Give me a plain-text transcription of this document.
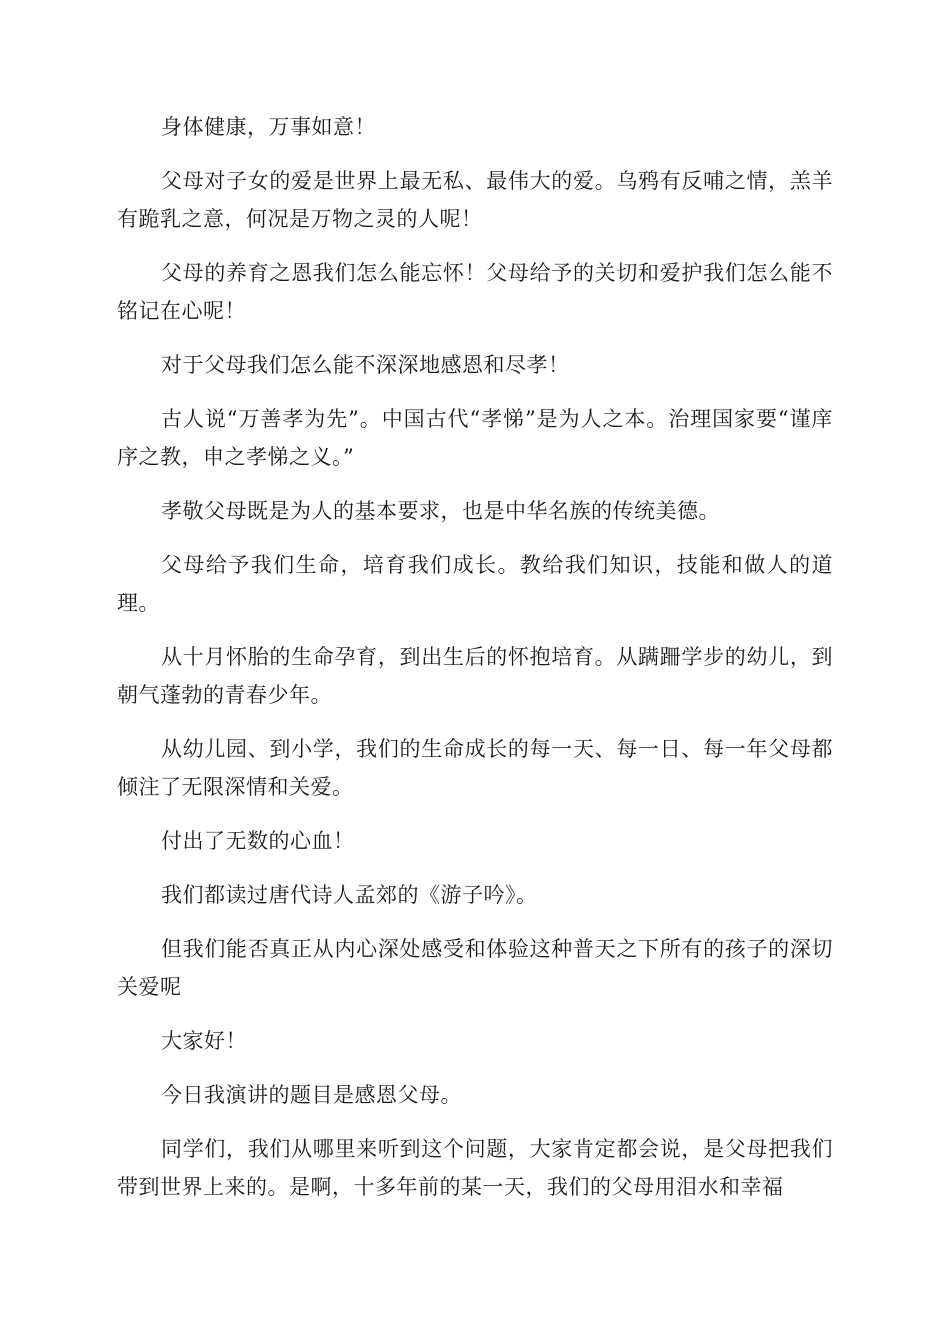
身体健康，万事如意！

父母对子女的爱是世界上最无私、最伟大的爱。乌鸦有反哺之情，羔羊有跪乳之意，何况是万物之灵的人呢！

父母的养育之恩我们怎么能忘怀！父母给予的关切和爱护我们怎么能不铭记在心呢！

对于父母我们怎么能不深深地感恩和尽孝！

古人说“万善孝为先”。中国古代“孝悌”是为人之本。治理国家要“谨庠序之教，申之孝悌之义。”

孝敬父母既是为人的基本要求，也是中华名族的传统美德。

父母给予我们生命，培育我们成长。教给我们知识，技能和做人的道理。

从十月怀胎的生命孕育，到出生后的怀抱培育。从蹒跚学步的幼儿，到朝气蓬勃的青春少年。

从幼儿园、到小学，我们的生命成长的每一天、每一日、每一年父母都倾注了无限深情和关爱。

付出了无数的心血！

我们都读过唐代诗人孟郊的《游子吟》。

但我们能否真正从内心深处感受和体验这种普天之下所有的孩子的深切关爱呢

大家好！

今日我演讲的题目是感恩父母。

同学们，我们从哪里来听到这个问题，大家肯定都会说，是父母把我们带到世界上来的。是啊，十多年前的某一天，我们的父母用泪水和幸福
